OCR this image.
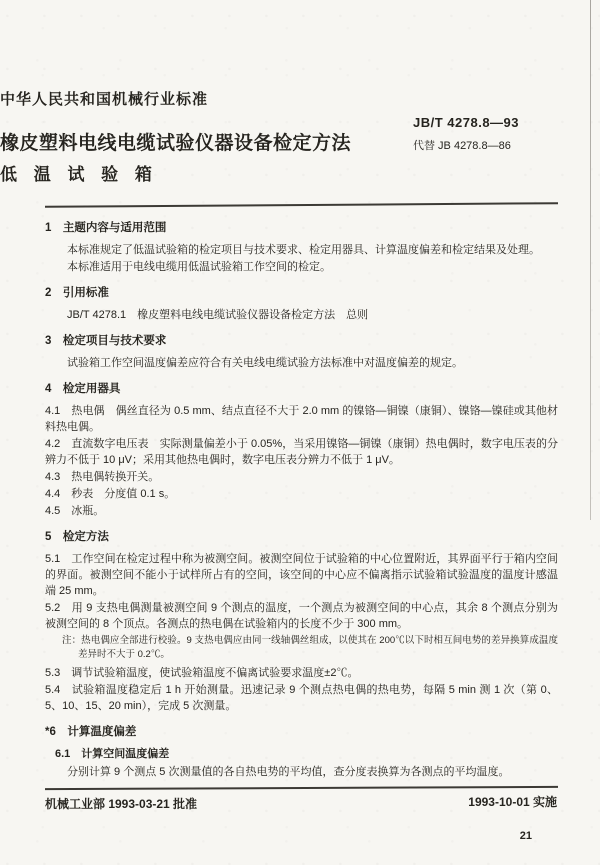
中华人民共和国机械行业标准
橡皮塑料电线电缆试验仪器设备检定方法
低 温 试 验 箱
JB/T 4278.8—93
代替 JB 4278.8—86

1　主题内容与适用范围

本标准规定了低温试验箱的检定项目与技术要求、检定用器具、计算温度偏差和检定结果及处理。

本标准适用于电线电缆用低温试验箱工作空间的检定。

2　引用标准

JB/T 4278.1　橡皮塑料电线电缆试验仪器设备检定方法　总则

3　检定项目与技术要求

试验箱工作空间温度偏差应符合有关电线电缆试验方法标准中对温度偏差的规定。

4　检定用器具

4.1　热电偶　偶丝直径为 0.5 mm、结点直径不大于 2.0 mm 的镍铬—铜镍（康铜）、镍铬—镍硅或其他材料热电偶。

4.2　直流数字电压表　实际测量偏差小于 0.05%，当采用镍铬—铜镍（康铜）热电偶时，数字电压表的分辨力不低于 10 μV；采用其他热电偶时，数字电压表分辨力不低于 1 μV。

4.3　热电偶转换开关。

4.4　秒表　分度值 0.1 s。

4.5　冰瓶。

5　检定方法

5.1　工作空间在检定过程中称为被测空间。被测空间位于试验箱的中心位置附近，其界面平行于箱内空间的界面。被测空间不能小于试样所占有的空间，该空间的中心应不偏离指示试验箱试验温度的温度计感温端 25 mm。

5.2　用 9 支热电偶测量被测空间 9 个测点的温度，一个测点为被测空间的中心点，其余 8 个测点分别为被测空间的 8 个顶点。各测点的热电偶在试验箱内的长度不少于 300 mm。

注：热电偶应全部进行校验。9 支热电偶应由同一线轴偶丝组成，以使其在 200℃以下时相互间电势的差异换算成温度差异时不大于 0.2℃。

5.3　调节试验箱温度，使试验箱温度不偏离试验要求温度±2℃。

5.4　试验箱温度稳定后 1 h 开始测量。迅速记录 9 个测点热电偶的热电势，每隔 5 min 测 1 次（第 0、5、10、15、20 min），完成 5 次测量。

*6　计算温度偏差

6.1　计算空间温度偏差

分别计算 9 个测点 5 次测量值的各自热电势的平均值，查分度表换算为各测点的平均温度。

机械工业部 1993-03-21 批准	1993-10-01 实施
21
